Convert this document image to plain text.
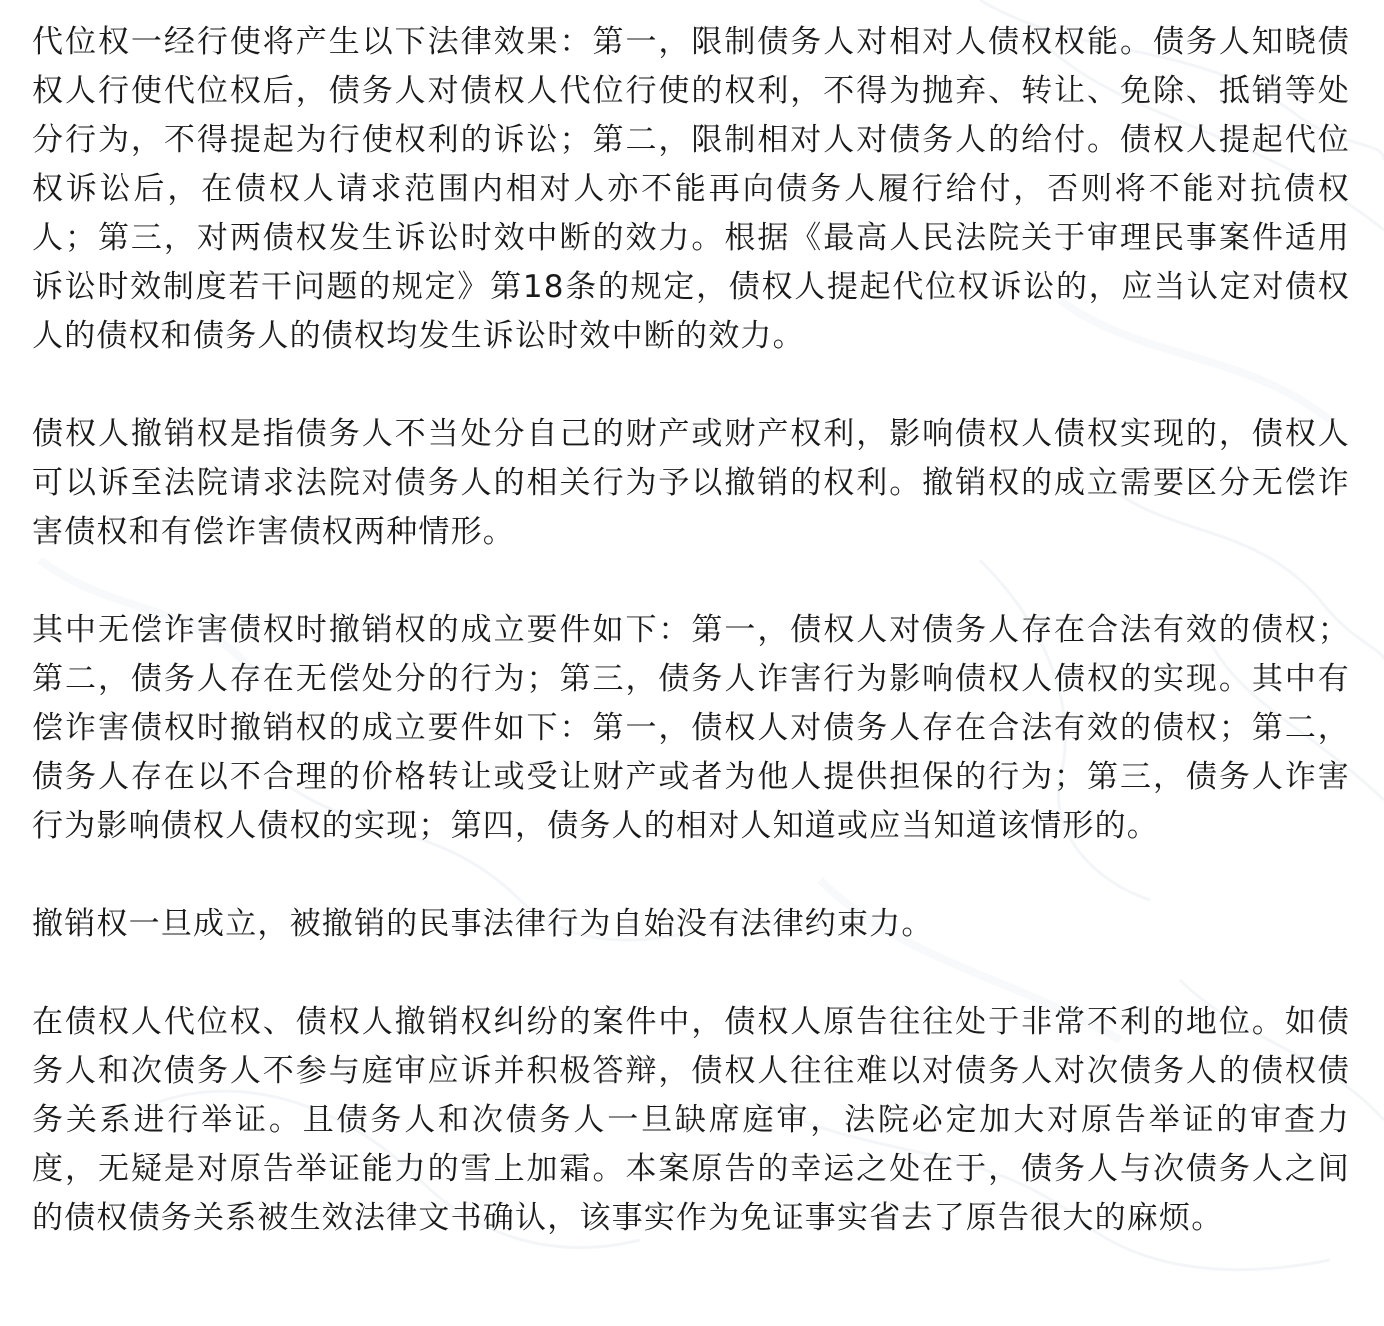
代位权一经行使将产生以下法律效果：第一，限制债务人对相对人债权权能。债务人知晓债权人行使代位权后，债务人对债权人代位行使的权利，不得为抛弃、转让、免除、抵销等处分行为，不得提起为行使权利的诉讼；第二，限制相对人对债务人的给付。债权人提起代位权诉讼后，在债权人请求范围内相对人亦不能再向债务人履行给付，否则将不能对抗债权人；第三，对两债权发生诉讼时效中断的效力。根据《最高人民法院关于审理民事案件适用诉讼时效制度若干问题的规定》第18条的规定，债权人提起代位权诉讼的，应当认定对债权人的债权和债务人的债权均发生诉讼时效中断的效力。

债权人撤销权是指债务人不当处分自己的财产或财产权利，影响债权人债权实现的，债权人可以诉至法院请求法院对债务人的相关行为予以撤销的权利。撤销权的成立需要区分无偿诈害债权和有偿诈害债权两种情形。

其中无偿诈害债权时撤销权的成立要件如下：第一，债权人对债务人存在合法有效的债权；第二，债务人存在无偿处分的行为；第三，债务人诈害行为影响债权人债权的实现。其中有偿诈害债权时撤销权的成立要件如下：第一，债权人对债务人存在合法有效的债权；第二，债务人存在以不合理的价格转让或受让财产或者为他人提供担保的行为；第三，债务人诈害行为影响债权人债权的实现；第四，债务人的相对人知道或应当知道该情形的。

撤销权一旦成立，被撤销的民事法律行为自始没有法律约束力。

在债权人代位权、债权人撤销权纠纷的案件中，债权人原告往往处于非常不利的地位。如债务人和次债务人不参与庭审应诉并积极答辩，债权人往往难以对债务人对次债务人的债权债务关系进行举证。且债务人和次债务人一旦缺席庭审，法院必定加大对原告举证的审查力度，无疑是对原告举证能力的雪上加霜。本案原告的幸运之处在于，债务人与次债务人之间的债权债务关系被生效法律文书确认，该事实作为免证事实省去了原告很大的麻烦。
